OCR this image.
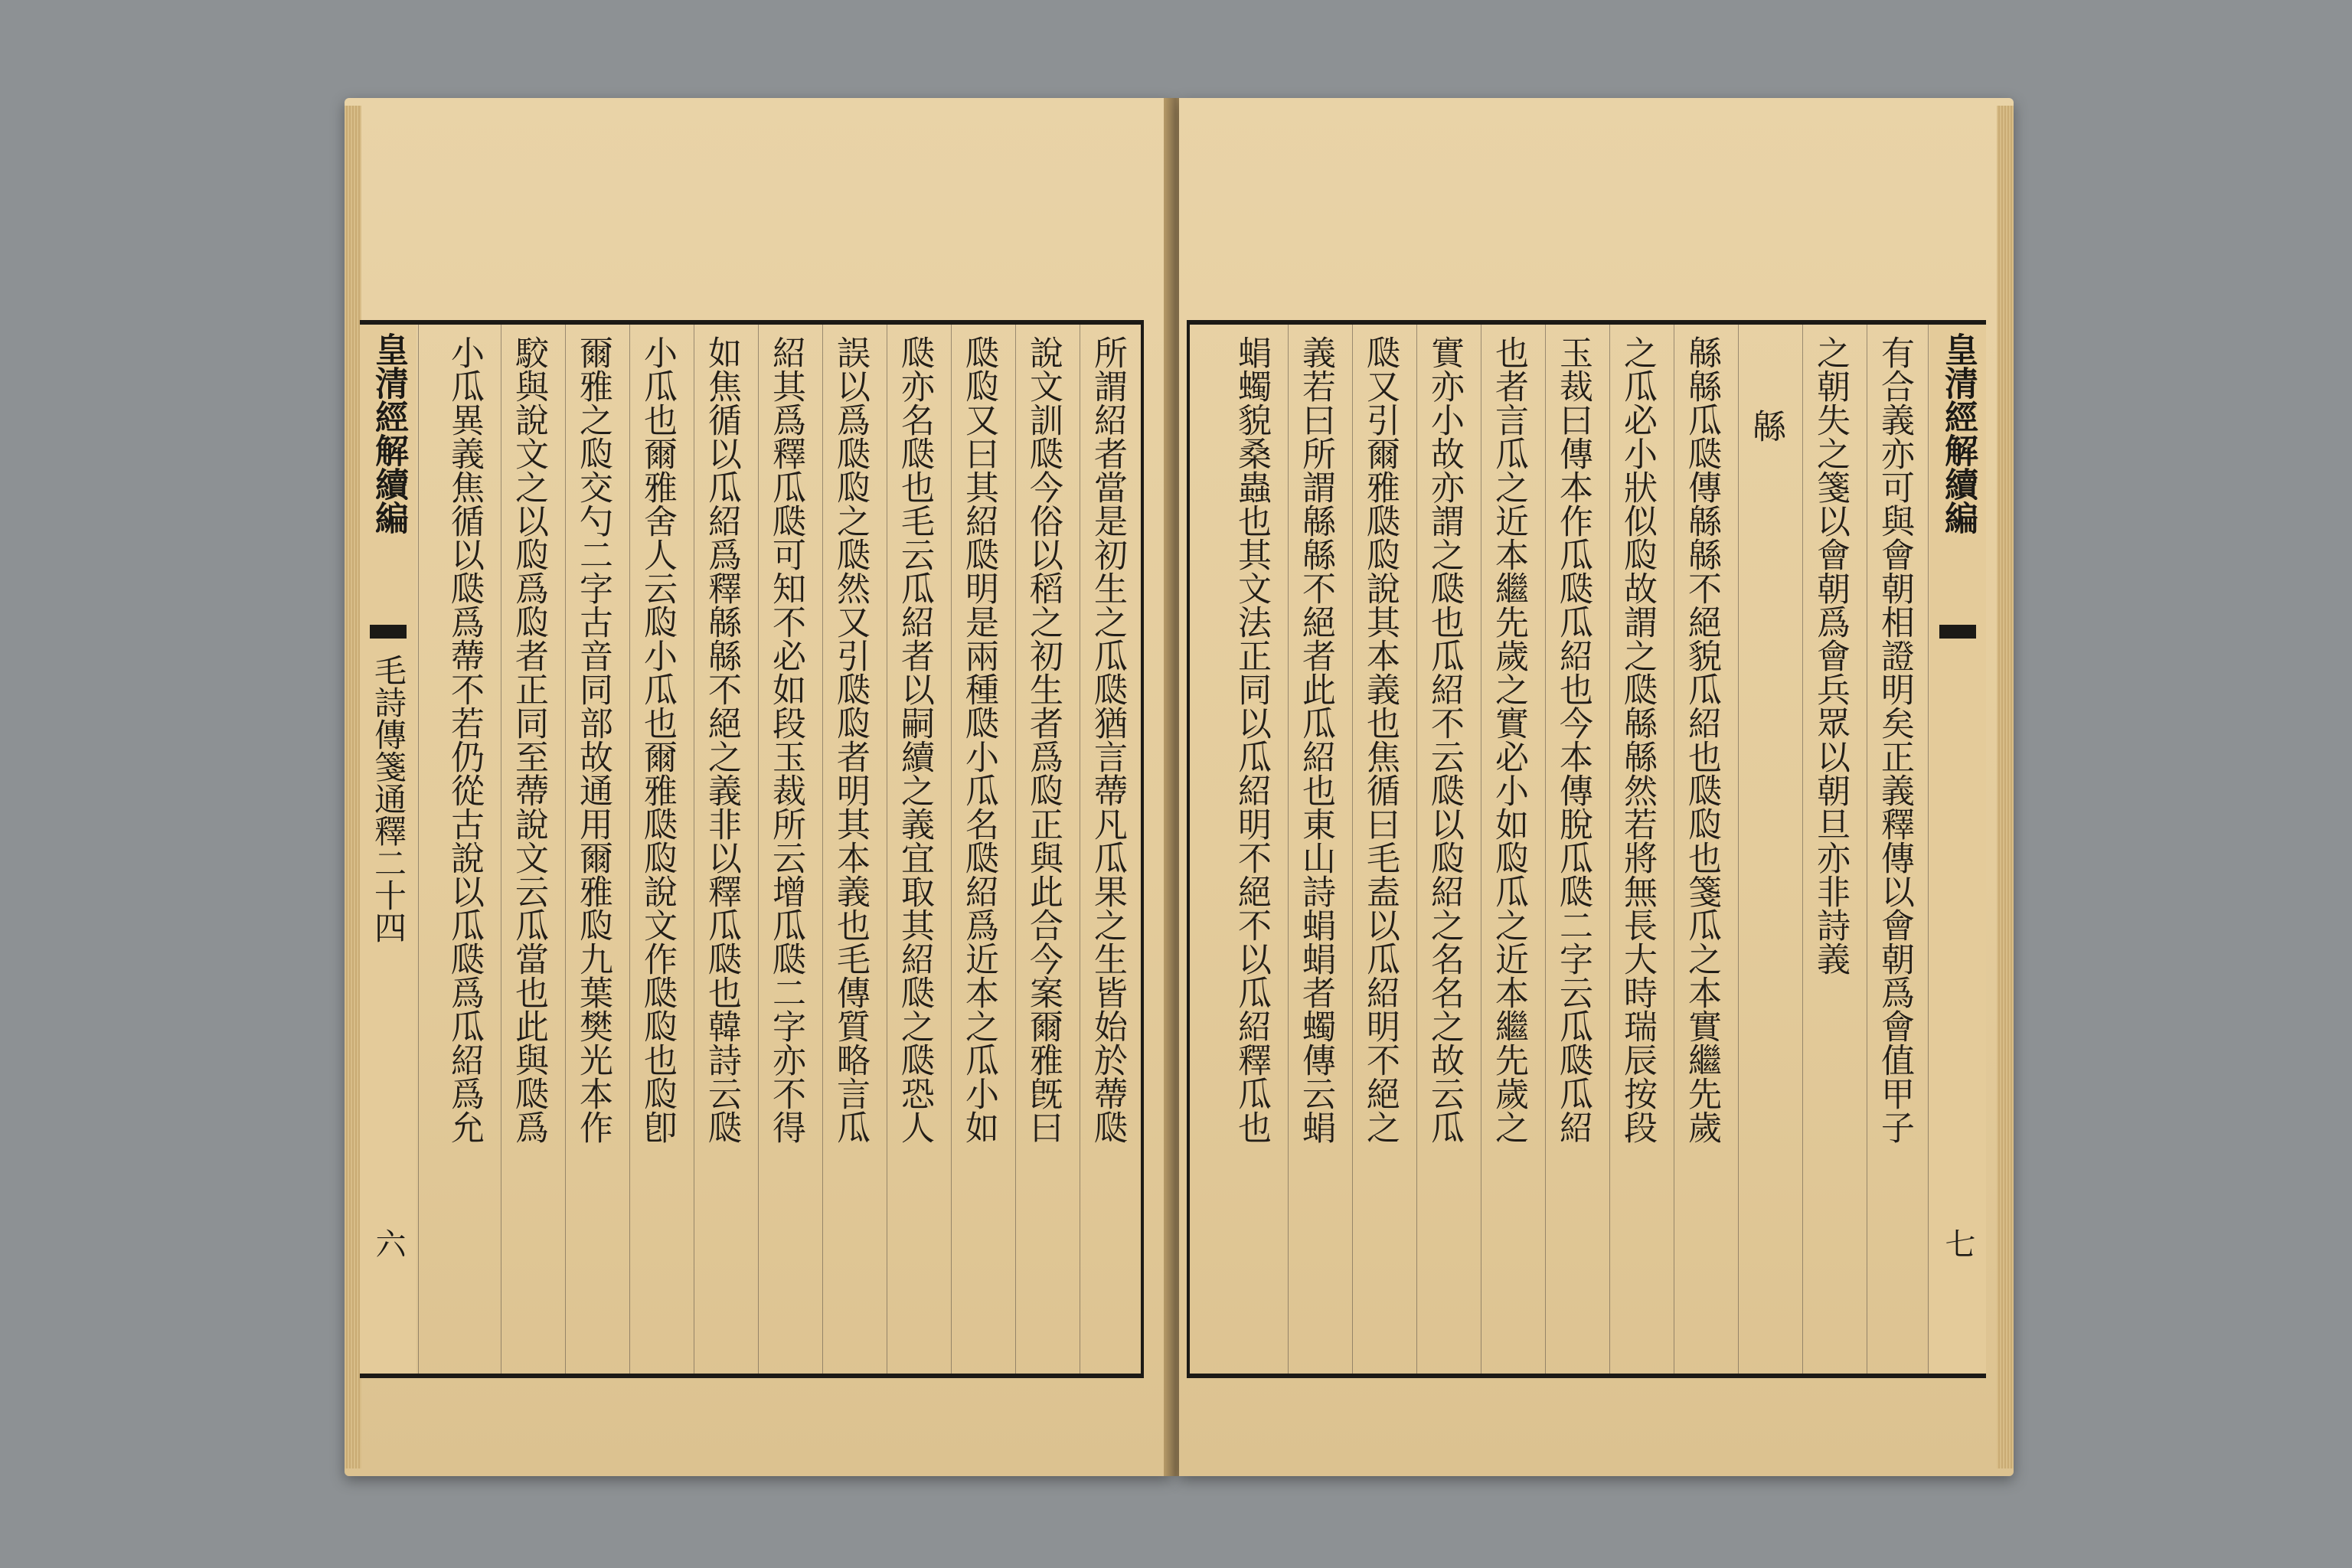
皇清經解續編
毛詩傳箋通釋二十四
六
所謂紹者當是初生之瓜瓞猶言蔕凡瓜果之生皆始於蔕瓞
說文訓瓞今俗以稻之初生者爲瓝正與此合今案爾雅旣曰
瓞瓝又曰其紹瓞明是兩種瓞小瓜名瓞紹爲近本之瓜小如
瓞亦名瓞也毛云瓜紹者以嗣續之義宜取其紹瓞之瓞恐人
誤以爲瓞瓝之瓞然又引瓞瓝者明其本義也毛傳質略言瓜
紹其爲釋瓜瓞可知不必如段玉裁所云增瓜瓞二字亦不得
如焦循以瓜紹爲釋緜緜不絕之義非以釋瓜瓞也韓詩云瓞
小瓜也爾雅舍人云瓝小瓜也爾雅瓞瓝說文作瓞瓝也瓝卽
爾雅之瓝交勺二字古音同部故通用爾雅瓝九葉樊光本作
駮與說文之以瓝爲瓝者正同至蔕說文云瓜當也此與瓞爲
小瓜異義焦循以瓞爲蔕不若仍從古說以瓜瓞爲瓜紹爲允	皇清經解續編
七
有合義亦可與會朝相證明矣正義釋傳以會朝爲會值甲子
之朝失之箋以會朝爲會兵眾以朝旦亦非詩義
緜
緜緜瓜瓞傳緜緜不絕貌瓜紹也瓞瓝也箋瓜之本實繼先歲
之瓜必小狀似瓝故謂之瓞緜緜然若將無長大時瑞辰按段
玉裁曰傳本作瓜瓞瓜紹也今本傳脫瓜瓞二字云瓜瓞瓜紹
也者言瓜之近本繼先歲之實必小如瓝瓜之近本繼先歲之
實亦小故亦謂之瓞也瓜紹不云瓞以瓝紹之名名之故云瓜
瓞又引爾雅瓞瓝說其本義也焦循曰毛盍以瓜紹明不絕之
義若曰所謂緜緜不絕者此瓜紹也東山詩蜎蜎者蠋傳云蜎
蜎蠋貌桑蟲也其文法正同以瓜紹明不絕不以瓜紹釋瓜也
